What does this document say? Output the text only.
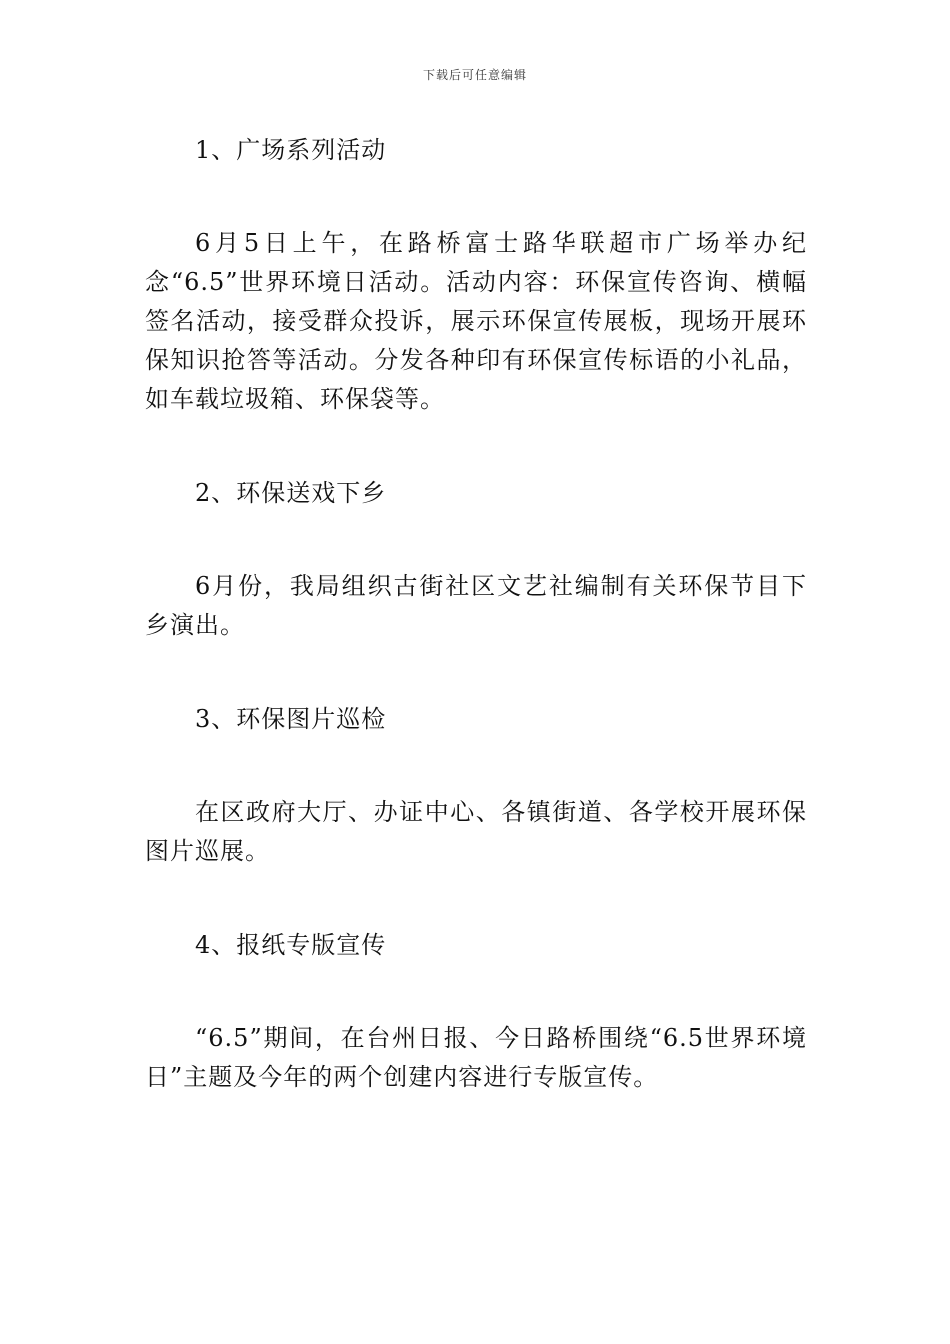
下载后可任意编辑

1、广场系列活动

6月5日上午，在路桥富士路华联超市广场举办纪念“6.5”世界环境日活动。活动内容：环保宣传咨询、横幅签名活动，接受群众投诉，展示环保宣传展板，现场开展环保知识抢答等活动。分发各种印有环保宣传标语的小礼品，如车载垃圾箱、环保袋等。

2、环保送戏下乡

6月份，我局组织古街社区文艺社编制有关环保节目下乡演出。

3、环保图片巡检

在区政府大厅、办证中心、各镇街道、各学校开展环保图片巡展。

4、报纸专版宣传

“6.5”期间，在台州日报、今日路桥围绕“6.5世界环境日”主题及今年的两个创建内容进行专版宣传。
